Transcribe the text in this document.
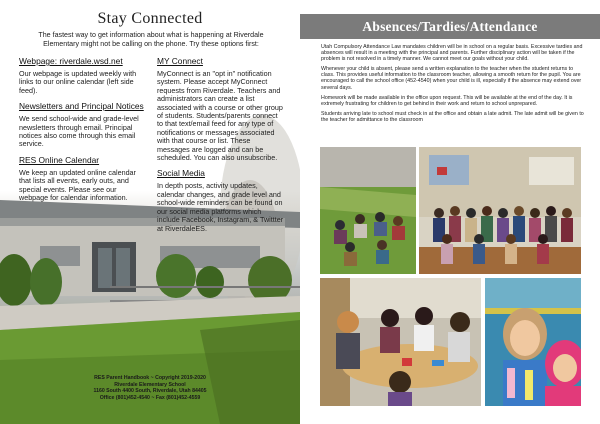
Stay Connected
The fastest way to get information about what is happening at Riverdale Elementary might not be calling on the phone. Try these options first:
Webpage: riverdale.wsd.net
Our webpage is updated weekly with links to our online calendar (left side feed).
Newsletters and Principal Notices
We send school-wide and grade-level newsletters through email. Principal notices also come through this email service.
RES Online Calendar
We keep an updated online calendar that lists all events, early outs, and special events. Please see our webpage for calendar information.
MY Connect
MyConnect is an "opt in" notification system. Please accept MyConnect requests from Riverdale. Teachers and administrators can create a list associated with a course or other group of students. Students/parents connect to that text/email feed for any type of notifications or messages associated with that course or list. These messages are logged and can be scheduled. You can also unsubscribe.
Social Media
In depth posts, activity updates, calendar changes, and grade level and school-wide reminders can be found on our social media platforms which include Facebook, Instagram, & Twittter at RiverdaleES.
RES Parent Handbook ~ Copyright 2019-2020
Riverdale Elementary School
1160 South 4400 South, Riverdale, Utah 84405
Office (801)452-4540 ~ Fax (801)452-4559
Absences/Tardies/Attendance

Utah Compulsory Attendance Law mandates children will be in school on a regular basis. Excessive tardies and absences will result in a meeting with the principal and parents. Further disciplinary action will be taken if the problem is not resolved in a timely manner. We cannot meet our goals without your child.

Whenever your child is absent, please send a written explanation to the teacher when the student returns to class. This provides useful information to the classroom teacher, allowing a smooth return for the pupil. You are encouraged to call the school office (452-4540) when your child is ill, especially if the absence may extend over several days.

Homework will be made available in the office upon request. This will be available at the end of the day. It is extremely frustrating for children to get behind in their work and return to school unprepared.

Students arriving late to school must check in at the office and obtain a late admit. The late admit will be given to the teacher for admittance to the classroom
